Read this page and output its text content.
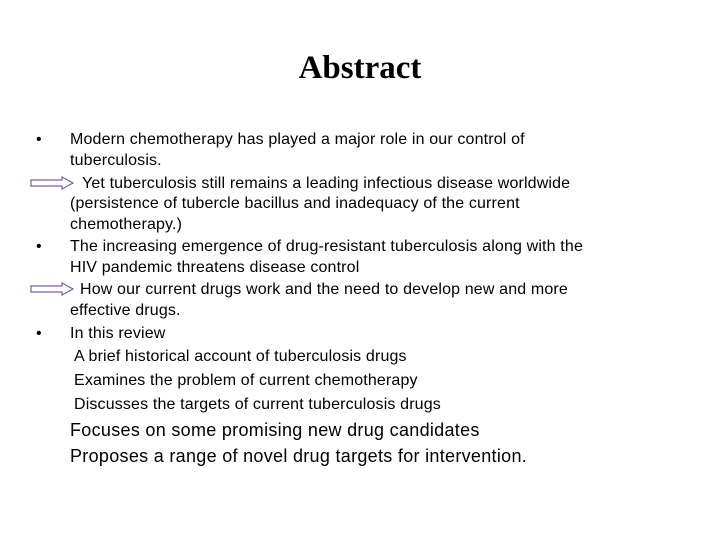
Abstract
•
•
•
Modern chemotherapy has played a major role in our control of
tuberculosis.
Yet tuberculosis still remains a leading infectious disease worldwide
(persistence of tubercle bacillus and inadequacy of the current
chemotherapy.)
The increasing emergence of drug-resistant tuberculosis along with the
HIV pandemic threatens disease control
How our current drugs work and the need to develop new and more
effective drugs.
In this review
A brief historical account of tuberculosis drugs
Examines the problem of current chemotherapy
Discusses the targets of current tuberculosis drugs
Focuses on some promising new drug candidates
Proposes a range of novel drug targets for intervention.
